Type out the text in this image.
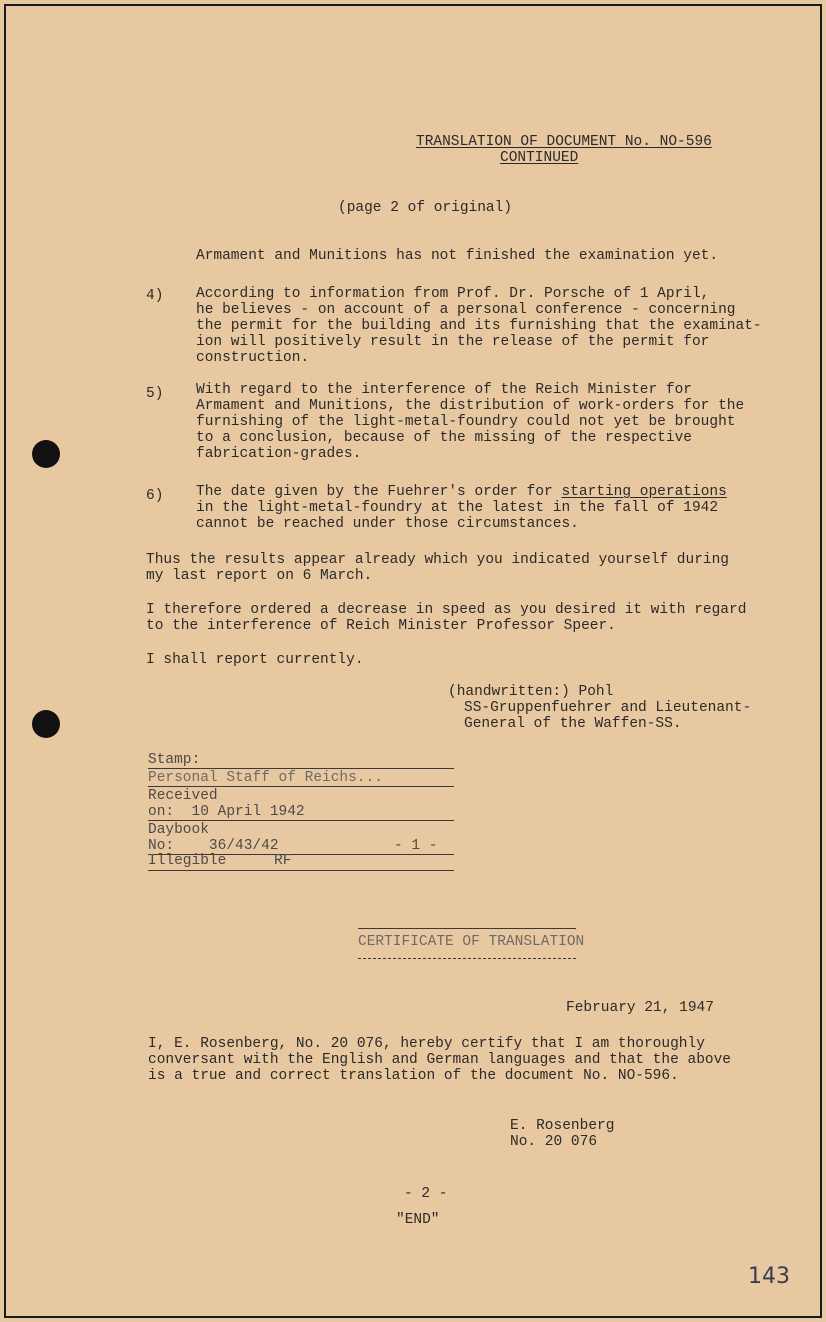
TRANSLATION OF DOCUMENT No. NO-596
CONTINUED
(page 2 of original)
Armament and Munitions has not finished the examination yet.
4) According to information from Prof. Dr. Porsche of 1 April,
he believes - on account of a personal conference - concerning
the permit for the building and its furnishing that the examinat-
ion will positively result in the release of the permit for
construction.
5) With regard to the interference of the Reich Minister for
Armament and Munitions, the distribution of work-orders for the
furnishing of the light-metal-foundry could not yet be brought
to a conclusion, because of the missing of the respective
fabrication-grades.
6) The date given by the Fuehrer's order for starting operations
in the light-metal-foundry at the latest in the fall of 1942
cannot be reached under those circumstances.
Thus the results appear already which you indicated yourself during
my last report on 6 March.
I therefore ordered a decrease in speed as you desired it with regard
to the interference of Reich Minister Professor Speer.
I shall report currently.
(handwritten:) Pohl
SS-Gruppenfuehrer and Lieutenant-
General of the Waffen-SS.
Stamp:
Personal Staff of Reichs...
Received
on:  10 April 1942
Daybook
No:    36/43/42	- 1 -
Illegible	RF
CERTIFICATE OF TRANSLATION
February 21, 1947
I, E. Rosenberg, No. 20 076, hereby certify that I am thoroughly
conversant with the English and German languages and that the above
is a true and correct translation of the document No. NO-596.
E. Rosenberg
No. 20 076
- 2 -
"END"
143
